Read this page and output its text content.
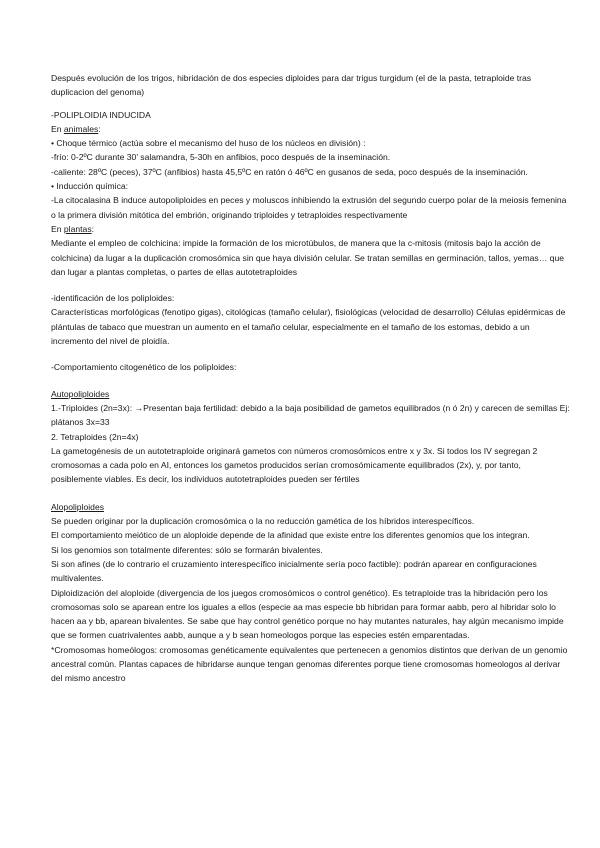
Después evolución de los trigos, hibridación de dos especies diploides para dar trigus turgidum (el de la pasta, tetraploide tras duplicacion del genoma)

-POLIPLOIDIA INDUCIDA

En animales:

• Choque térmico (actúa sobre el mecanismo del huso de los núcleos en división) :

-frío: 0-2ºC durante 30’ salamandra, 5-30h en anfibios, poco después de la inseminación.

-caliente: 28ºC (peces), 37ºC (anfibios) hasta 45,5ºC en ratón ó 46ºC en gusanos de seda, poco después de la inseminación.

• Inducción química:

-La citocalasina B induce autopoliploides en peces y moluscos inhibiendo la extrusión del segundo cuerpo polar de la meiosis femenina o la primera división mitótica del embrión, originando triploides y tetraploides respectivamente

En plantas:

Mediante el empleo de colchicina: impide la formación de los microtúbulos, de manera que la c-mitosis (mitosis bajo la acción de colchicina) da lugar a la duplicación cromosómica sin que haya división celular. Se tratan semillas en germinación, tallos, yemas… que dan lugar a plantas completas, o partes de ellas autotetraploides

-identificación de los poliploides:

Características morfológicas (fenotipo gigas), citológicas (tamaño celular), fisiológicas (velocidad de desarrollo) Células epidérmicas de plántulas de tabaco que muestran un aumento en el tamaño celular, especialmente en el tamaño de los estomas, debido a un incremento del nivel de ploidía.

-Comportamiento citogenético de los poliploides:

Autopoliploides

1.-Triploides (2n=3x): →Presentan baja fertilidad: debido a la baja posibilidad de gametos equilibrados (n ó 2n) y carecen de semillas Ej: plátanos 3x=33

2. Tetraploides (2n=4x)

La gametogénesis de un autotetraploide originará gametos con números cromosómicos entre x y 3x. Si todos los IV segregan 2 cromosomas a cada polo en AI, entonces los gametos producidos serían cromosómicamente equilibrados (2x), y, por tanto, posiblemente viables. Es decir, los individuos autotetraploides pueden ser fértiles

Alopoliploides

Se pueden originar por la duplicación cromosómica o la no reducción gamética de los híbridos interespecíficos.

El comportamiento meiótico de un aloploide depende de la afinidad que existe entre los diferentes genomios que los integran.

Si los genomios son totalmente diferentes: sólo se formarán bivalentes.

Si son afines (de lo contrario el cruzamiento interespecífico inicialmente sería poco factible): podrán aparear en configuraciones multivalentes.

Diploidización del aloploide (divergencia de los juegos cromosómicos o control genético). Es tetraploide tras la hibridación pero los cromosomas solo se aparean entre los iguales a ellos (especie aa mas especie bb hibridan para formar aabb, pero al hibridar solo lo hacen aa y bb, aparean bivalentes. Se sabe que hay control genético porque no hay mutantes naturales, hay algún mecanismo impide que se formen cuatrivalentes aabb, aunque a y b sean homeologos porque las especies estén emparentadas.

*Cromosomas homeólogos: cromosomas genéticamente equivalentes que pertenecen a genomios distintos que derivan de un genomio ancestral común. Plantas capaces de hibridarse aunque tengan genomas diferentes porque tiene cromosomas homeologos al derivar del mismo ancestro
